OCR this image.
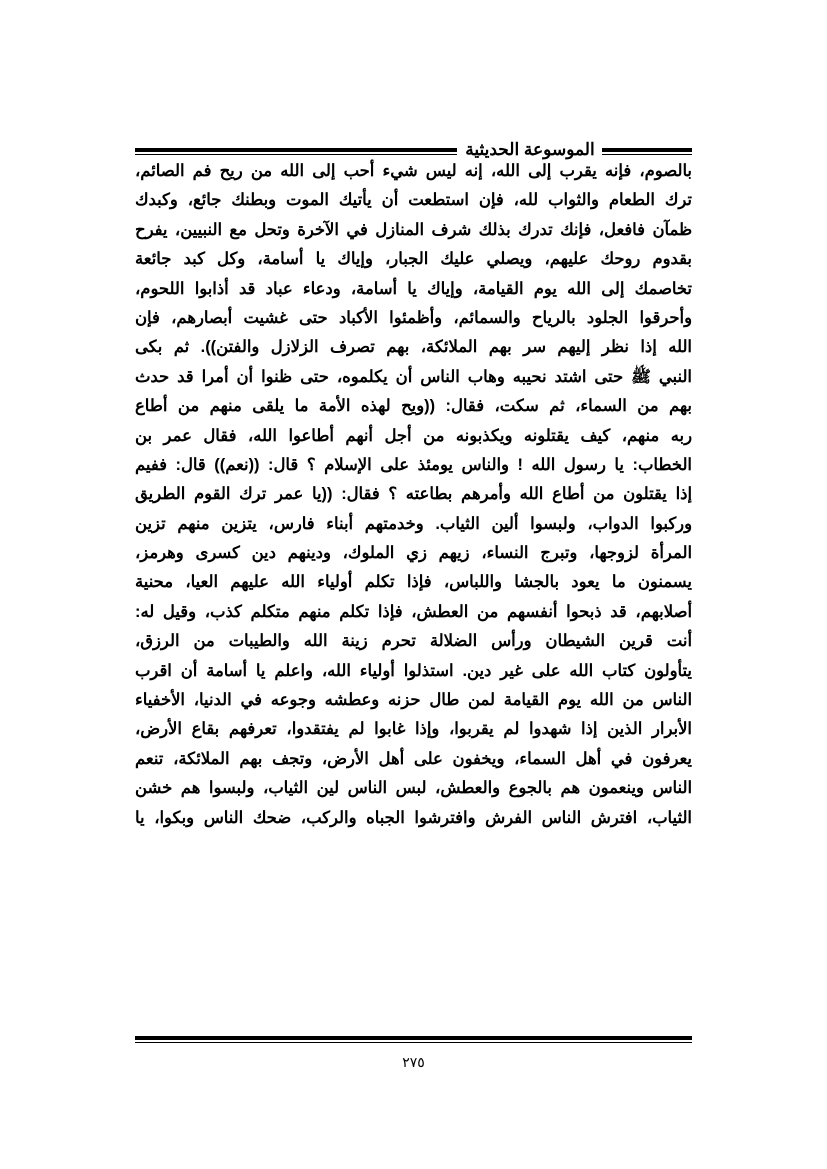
الموسوعة الحديثية
بالصوم، فإنه يقرب إلى الله، إنه ليس شيء أحب إلى الله من ريح فم الصائم،
ترك الطعام والثواب لله، فإن استطعت أن يأتيك الموت وبطنك جائع، وكبدك
ظمآن فافعل، فإنك تدرك بذلك شرف المنازل في الآخرة وتحل مع النبيين، يفرح
بقدوم روحك عليهم، ويصلي عليك الجبار، وإياك يا أسامة، وكل كبد جائعة
تخاصمك إلى الله يوم القيامة، وإياك يا أسامة، ودعاء عباد قد أذابوا اللحوم،
وأحرقوا الجلود بالرياح والسمائم، وأظمئوا الأكباد حتى غشيت أبصارهم، فإن
الله إذا نظر إليهم سر بهم الملائكة، بهم تصرف الزلازل والفتن)). ثم بكى
النبي ﷺ حتى اشتد نحيبه وهاب الناس أن يكلموه، حتى ظنوا أن أمرا قد حدث
بهم من السماء، ثم سكت، فقال: ((ويح لهذه الأمة ما يلقى منهم من أطاع
ربه منهم، كيف يقتلونه ويكذبونه من أجل أنهم أطاعوا الله، فقال عمر بن
الخطاب: يا رسول الله ! والناس يومئذ على الإسلام ؟ قال: ((نعم)) قال: ففيم
إذا يقتلون من أطاع الله وأمرهم بطاعته ؟ فقال: ((يا عمر ترك القوم الطريق
وركبوا الدواب، ولبسوا ألين الثياب. وخدمتهم أبناء فارس، يتزين منهم تزين
المرأة لزوجها، وتبرج النساء، زيهم زي الملوك، ودينهم دين كسرى وهرمز،
يسمنون ما يعود بالجشا واللباس، فإذا تكلم أولياء الله عليهم العيا، محنية
أصلابهم، قد ذبحوا أنفسهم من العطش، فإذا تكلم منهم متكلم كذب، وقيل له:
أنت قرين الشيطان ورأس الضلالة تحرم زينة الله والطيبات من الرزق،
يتأولون كتاب الله على غير دين. استذلوا أولياء الله، واعلم يا أسامة أن اقرب
الناس من الله يوم القيامة لمن طال حزنه وعطشه وجوعه في الدنيا، الأخفياء
الأبرار الذين إذا شهدوا لم يقربوا، وإذا غابوا لم يفتقدوا، تعرفهم بقاع الأرض،
يعرفون في أهل السماء، ويخفون على أهل الأرض، وتجف بهم الملائكة، تنعم
الناس وينعمون هم بالجوع والعطش، لبس الناس لين الثياب، ولبسوا هم خشن
الثياب، افترش الناس الفرش وافترشوا الجباه والركب، ضحك الناس وبكوا، يا
٢٧٥
